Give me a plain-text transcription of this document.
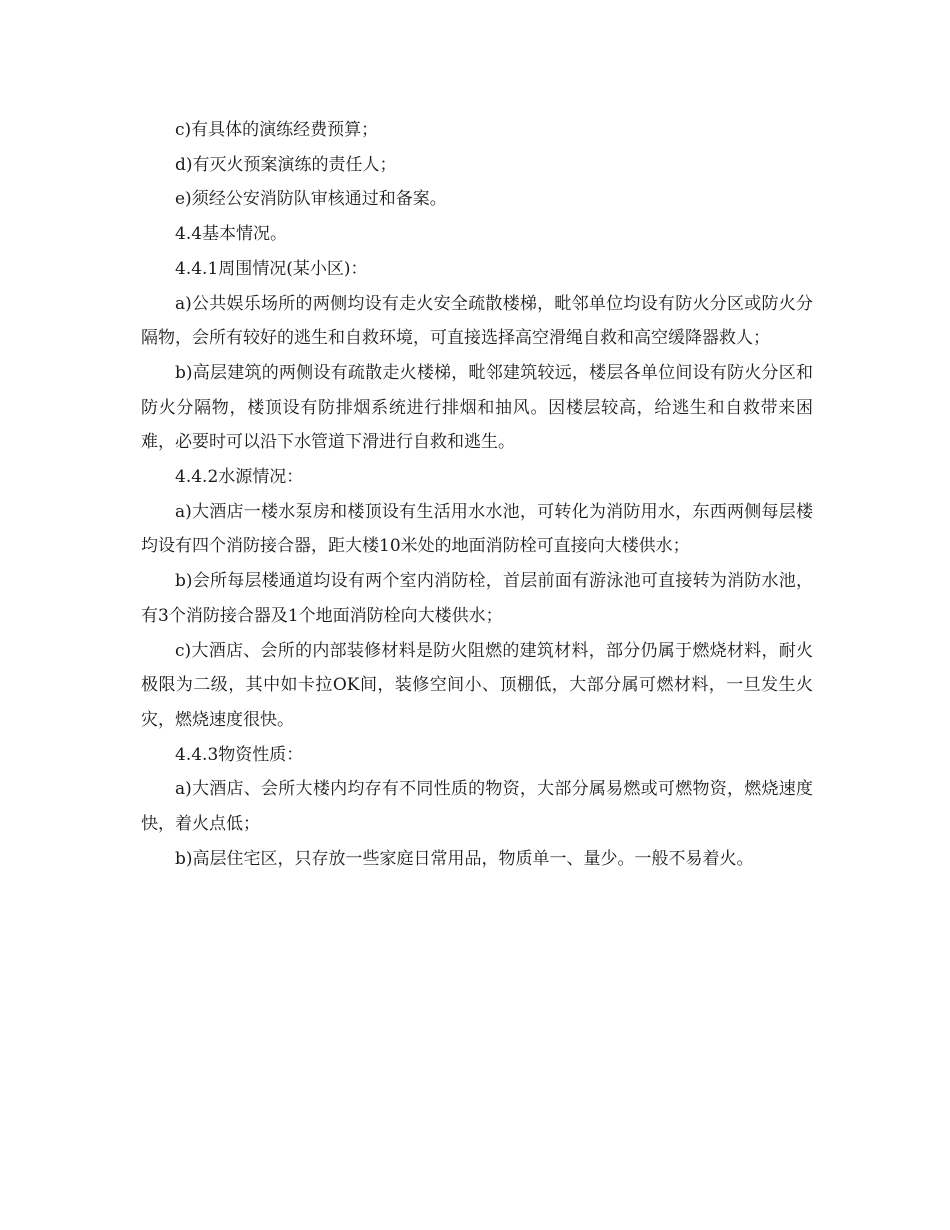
c)有具体的演练经费预算；

d)有灭火预案演练的责任人；

e)须经公安消防队审核通过和备案。

4.4基本情况。

4.4.1周围情况(某小区)：

a)公共娱乐场所的两侧均设有走火安全疏散楼梯，毗邻单位均设有防火分区或防火分隔物，会所有较好的逃生和自救环境，可直接选择高空滑绳自救和高空缓降器救人；

b)高层建筑的两侧设有疏散走火楼梯，毗邻建筑较远，楼层各单位间设有防火分区和防火分隔物，楼顶设有防排烟系统进行排烟和抽风。因楼层较高，给逃生和自救带来困难，必要时可以沿下水管道下滑进行自救和逃生。

4.4.2水源情况：

a)大酒店一楼水泵房和楼顶设有生活用水水池，可转化为消防用水，东西两侧每层楼均设有四个消防接合器，距大楼10米处的地面消防栓可直接向大楼供水；

b)会所每层楼通道均设有两个室内消防栓，首层前面有游泳池可直接转为消防水池，有3个消防接合器及1个地面消防栓向大楼供水；

c)大酒店、会所的内部装修材料是防火阻燃的建筑材料，部分仍属于燃烧材料，耐火极限为二级，其中如卡拉OK间，装修空间小、顶棚低，大部分属可燃材料，一旦发生火灾，燃烧速度很快。

4.4.3物资性质：

a)大酒店、会所大楼内均存有不同性质的物资，大部分属易燃或可燃物资，燃烧速度快，着火点低；

b)高层住宅区，只存放一些家庭日常用品，物质单一、量少。一般不易着火。
